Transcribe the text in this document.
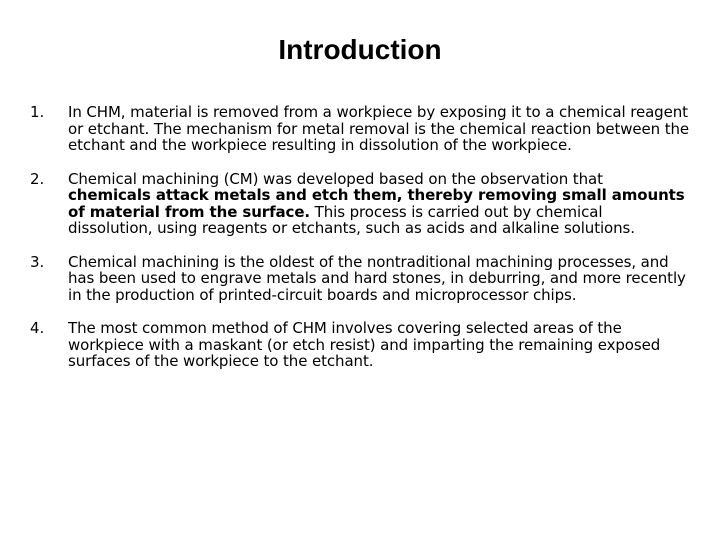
Introduction
1. In CHM, material is removed from a workpiece by exposing it to a chemical reagent or etchant. The mechanism for metal removal is the chemical reaction between the etchant and the workpiece resulting in dissolution of the workpiece.
2. Chemical machining (CM) was developed based on the observation that chemicals attack metals and etch them, thereby removing small amounts of material from the surface. This process is carried out by chemical dissolution, using reagents or etchants, such as acids and alkaline solutions.
3. Chemical machining is the oldest of the nontraditional machining processes, and has been used to engrave metals and hard stones, in deburring, and more recently in the production of printed-circuit boards and microprocessor chips.
4. The most common method of CHM involves covering selected areas of the workpiece with a maskant (or etch resist) and imparting the remaining exposed surfaces of the workpiece to the etchant.
